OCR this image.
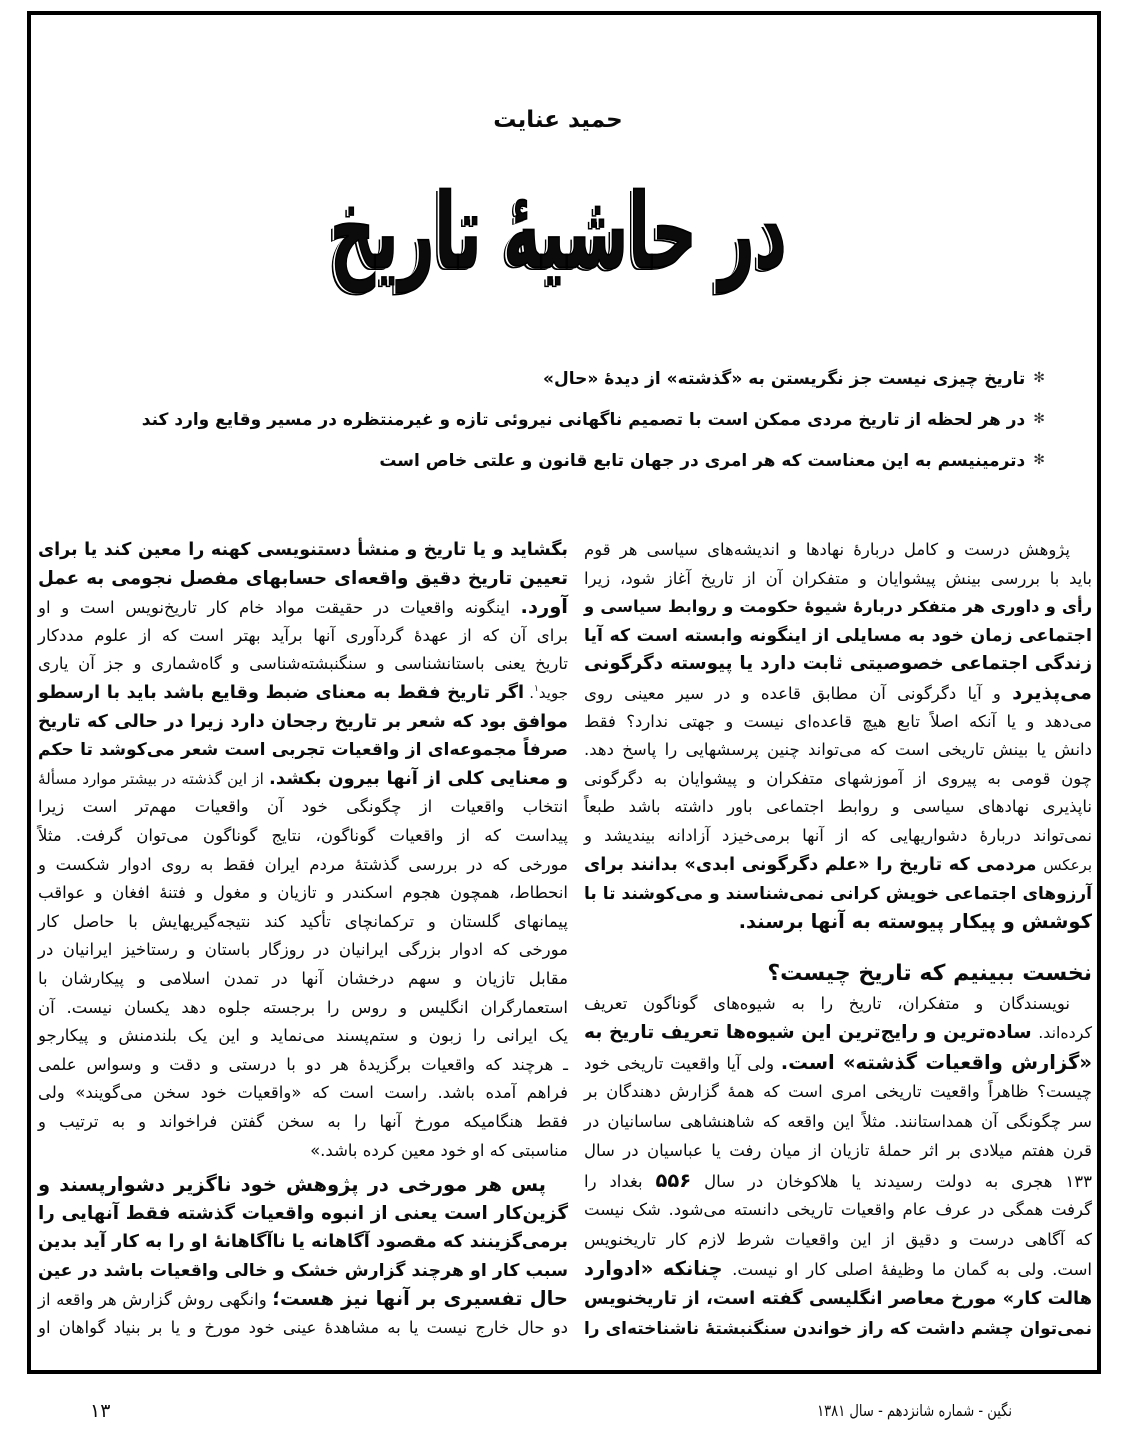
حمید عنایت
در حاشیهٔ تاریخ
✻تاریخ چیزی نیست جز نگریستن به «گذشته» از دیدهٔ «حال»
✻در هر لحظه از تاریخ مردی ممکن است با تصمیم ناگهانی نیروئی تازه و غیرمنتظره در مسیر وقایع وارد کند
✻دترمینیسم به این معناست که هر امری در جهان تابع قانون و علتی خاص است
پژوهش درست و کامل دربارهٔ نهادها و اندیشه‌های سیاسی هر قوم
باید با بررسی بینش پیشوایان و متفکران آن از تاریخ آغاز شود، زیرا
رأی و داوری هر متفکر دربارهٔ شیوهٔ حکومت و روابط سیاسی و
اجتماعی زمان خود به مسایلی از اینگونه وابسته است که آیا
زندگی اجتماعی خصوصیتی ثابت دارد یا پیوسته دگرگونی
می‌پذیرد و آیا دگرگونی آن مطابق قاعده و در سیر معینی روی
می‌دهد و یا آنکه اصلاً تابع هیچ قاعده‌ای نیست و جهتی ندارد؟ فقط
دانش یا بینش تاریخی است که می‌تواند چنین پرسشهایی را پاسخ دهد.
چون قومی به پیروی از آموزشهای متفکران و پیشوایان به دگرگونی
ناپذیری نهادهای سیاسی و روابط اجتماعی باور داشته باشد طبعاً
نمی‌تواند دربارهٔ دشواریهایی که از آنها برمی‌خیزد آزادانه بیندیشد و
برعکس مردمی که تاریخ را «علم دگرگونی ابدی» بدانند برای
آرزوهای اجتماعی خویش کرانی نمی‌شناسند و می‌کوشند تا با
کوشش و پیکار پیوسته به آنها برسند.
نخست ببینیم که تاریخ چیست؟
نویسندگان و متفکران، تاریخ را به شیوه‌های گوناگون تعریف
کرده‌اند. ساده‌ترین و رایج‌ترین این شیوه‌ها تعریف تاریخ به
«گزارش واقعیات گذشته» است. ولی آیا واقعیت تاریخی خود
چیست؟ ظاهراً واقعیت تاریخی امری است که همهٔ گزارش دهندگان بر
سر چگونگی آن همداستانند. مثلاً این واقعه که شاهنشاهی ساسانیان در
قرن هفتم میلادی بر اثر حملهٔ تازیان از میان رفت یا عباسیان در سال
۱۳۳ هجری به دولت رسیدند یا هلاکوخان در سال ۵۵۶ بغداد را
گرفت همگی در عرف عام واقعیات تاریخی دانسته می‌شود. شک نیست
که آگاهی درست و دقیق از این واقعیات شرط لازم کار تاریخنویس
است. ولی به گمان ما وظیفهٔ اصلی کار او نیست. چنانکه «ادوارد
هالت کار» مورخ معاصر انگلیسی گفته است، از تاریخنویس
نمی‌توان چشم داشت که راز خواندن سنگنبشتهٔ ناشناخته‌ای را
بگشاید و یا تاریخ و منشأ دستنویسی کهنه را معین کند یا برای
تعیین تاریخ دقیق واقعه‌ای حسابهای مفصل نجومی به عمل
آورد. اینگونه واقعیات در حقیقت مواد خام کار تاریخ‌نویس است و او
برای آن که از عهدهٔ گردآوری آنها برآید بهتر است که از علوم مددکار
تاریخ یعنی باستانشناسی و سنگنبشته‌شناسی و گاه‌شماری و جز آن یاری
جوید$^۱$. اگر تاریخ فقط به معنای ضبط وقایع باشد باید با ارسطو
موافق بود که شعر بر تاریخ رجحان دارد زیرا در حالی که تاریخ
صرفاً مجموعه‌ای از واقعیات تجربی است شعر می‌کوشد تا حکم
و معنایی کلی از آنها بیرون بکشد. از این گذشته در بیشتر موارد مسألهٔ
انتخاب واقعیات از چگونگی خود آن واقعیات مهم‌تر است زیرا
پیداست که از واقعیات گوناگون، نتایج گوناگون می‌توان گرفت. مثلاً
مورخی که در بررسی گذشتهٔ مردم ایران فقط به روی ادوار شکست و
انحطاط، همچون هجوم اسکندر و تازیان و مغول و فتنهٔ افغان و عواقب
پیمانهای گلستان و ترکمانچای تأکید کند نتیجه‌گیریهایش با حاصل کار
مورخی که ادوار بزرگی ایرانیان در روزگار باستان و رستاخیز ایرانیان در
مقابل تازیان و سهم درخشان آنها در تمدن اسلامی و پیکارشان با
استعمارگران انگلیس و روس را برجسته جلوه دهد یکسان نیست. آن
یک ایرانی را زبون و ستم‌پسند می‌نماید و این یک بلندمنش و پیکارجو
ـ هرچند که واقعیات برگزیدهٔ هر دو با درستی و دقت و وسواس علمی
فراهم آمده باشد. راست است که «واقعیات خود سخن می‌گویند» ولی
فقط هنگامیکه مورخ آنها را به سخن گفتن فراخواند و به ترتیب و
مناسبتی که او خود معین کرده باشد.»
پس هر مورخی در پژوهش خود ناگزیر دشوارپسند و
گزین‌کار است یعنی از انبوه واقعیات گذشته فقط آنهایی را
برمی‌گزینند که مقصود آگاهانه یا ناآگاهانهٔ او را به کار آید بدین
سبب کار او هرچند گزارش خشک و خالی واقعیات باشد در عین
حال تفسیری بر آنها نیز هست؛ وانگهی روش گزارش هر واقعه از
دو حال خارج نیست یا به مشاهدهٔ عینی خود مورخ و یا بر بنیاد گواهان او
نگین - شماره شانزدهم - سال ۱۳۸۱
۱۳
